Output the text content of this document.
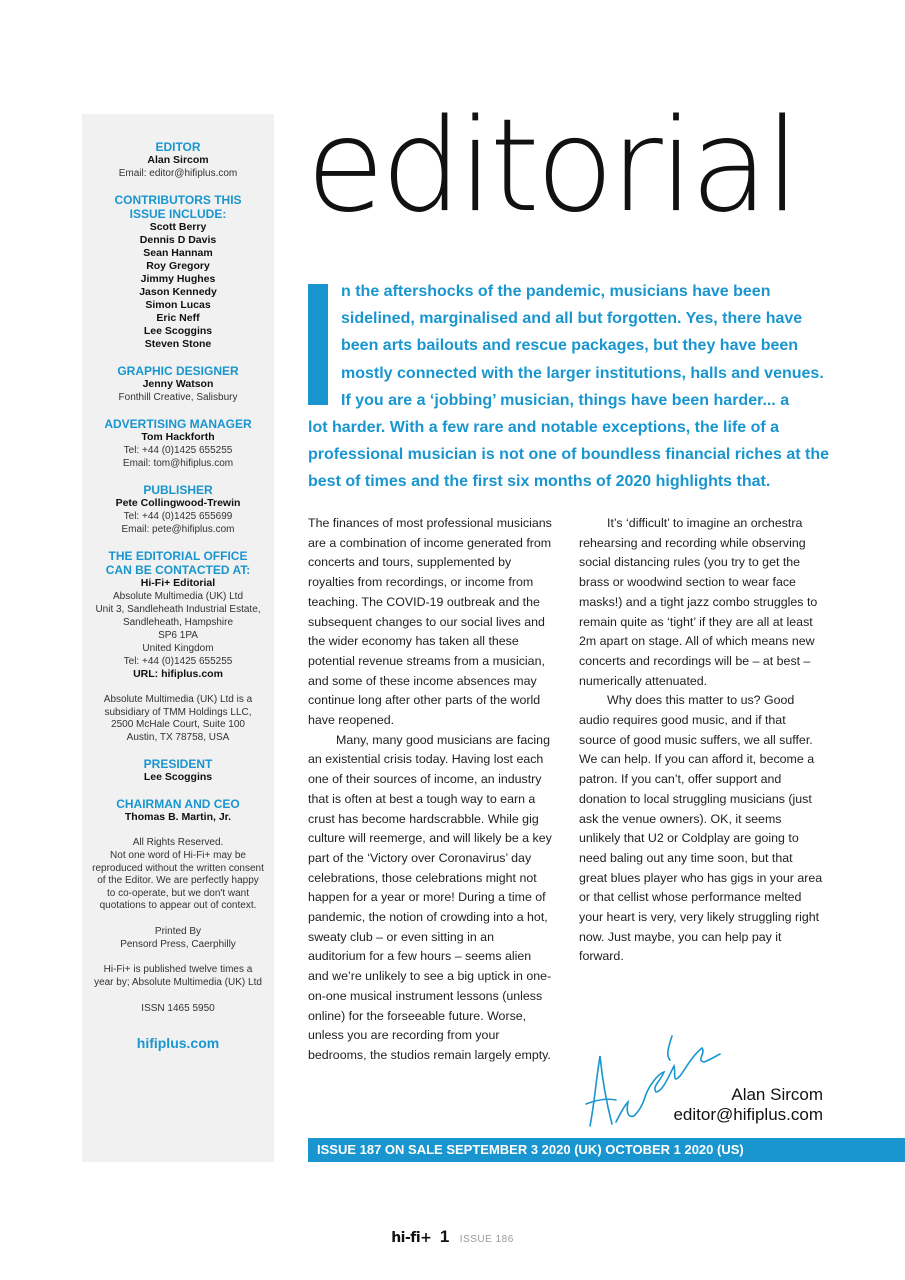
EDITOR
Alan Sircom
Email: editor@hifiplus.com
CONTRIBUTORS THIS
ISSUE INCLUDE:
Scott Berry
Dennis D Davis
Sean Hannam
Roy Gregory
Jimmy Hughes
Jason Kennedy
Simon Lucas
Eric Neff
Lee Scoggins
Steven Stone
GRAPHIC DESIGNER
Jenny Watson
Fonthill Creative, Salisbury
ADVERTISING MANAGER
Tom Hackforth
Tel: +44 (0)1425 655255
Email: tom@hifiplus.com
PUBLISHER
Pete Collingwood-Trewin
Tel: +44 (0)1425 655699
Email: pete@hifiplus.com
THE EDITORIAL OFFICE
CAN BE CONTACTED AT:
Hi-Fi+ Editorial
Absolute Multimedia (UK) Ltd
Unit 3, Sandleheath Industrial Estate,
Sandleheath, Hampshire
SP6 1PA
United Kingdom
Tel: +44 (0)1425 655255
URL: hifiplus.com
Absolute Multimedia (UK) Ltd is a
subsidiary of TMM Holdings LLC,
2500 McHale Court, Suite 100
Austin, TX 78758, USA
PRESIDENT
Lee Scoggins
CHAIRMAN AND CEO
Thomas B. Martin, Jr.
All Rights Reserved.
Not one word of Hi-Fi+ may be
reproduced without the written consent
of the Editor. We are perfectly happy
to co-operate, but we don't want
quotations to appear out of context.
Printed By
Pensord Press, Caerphilly
Hi-Fi+ is published twelve times a
year by; Absolute Multimedia (UK) Ltd
ISSN 1465 5950
hifiplus.com
editorial
n the aftershocks of the pandemic, musicians have been
sidelined, marginalised and all but forgotten. Yes, there have
been arts bailouts and rescue packages, but they have been
mostly connected with the larger institutions, halls and venues.
If you are a ‘jobbing’ musician, things have been harder... a
lot harder. With a few rare and notable exceptions, the life of a
professional musician is not one of boundless financial riches at the
best of times and the first six months of 2020 highlights that.

The finances of most professional musicians are a combination of income generated from concerts and tours, supplemented by royalties from recordings, or income from teaching. The COVID-19 outbreak and the subsequent changes to our social lives and the wider economy has taken all these potential revenue streams from a musician, and some of these income absences may continue long after other parts of the world have reopened.

Many, many good musicians are facing an existential crisis today. Having lost each one of their sources of income, an industry that is often at best a tough way to earn a crust has become hardscrabble. While gig culture will reemerge, and will likely be a key part of the ‘Victory over Coronavirus’ day celebrations, those celebrations might not happen for a year or more! During a time of pandemic, the notion of crowding into a hot, sweaty club – or even sitting in an auditorium for a few hours – seems alien and we’re unlikely to see a big uptick in one-on-one musical instrument lessons (unless online) for the forseeable future. Worse, unless you are recording from your bedrooms, the studios remain largely empty.

It’s ‘difficult’ to imagine an orchestra rehearsing and recording while observing social distancing rules (you try to get the brass or woodwind section to wear face masks!) and a tight jazz combo struggles to remain quite as ‘tight’ if they are all at least 2m apart on stage. All of which means new concerts and recordings will be – at best – numerically attenuated.

Why does this matter to us? Good audio requires good music, and if that source of good music suffers, we all suffer. We can help. If you can afford it, become a patron. If you can’t, offer support and donation to local struggling musicians (just ask the venue owners). OK, it seems unlikely that U2 or Coldplay are going to need baling out any time soon, but that great blues player who has gigs in your area or that cellist whose performance melted your heart is very, very likely struggling right now. Just maybe, you can help pay it forward.

Alan Sircom
editor@hifiplus.com
ISSUE 187 ON SALE SEPTEMBER 3 2020 (UK) OCTOBER 1 2020 (US)
hi-fi+ 1 ISSUE 186
